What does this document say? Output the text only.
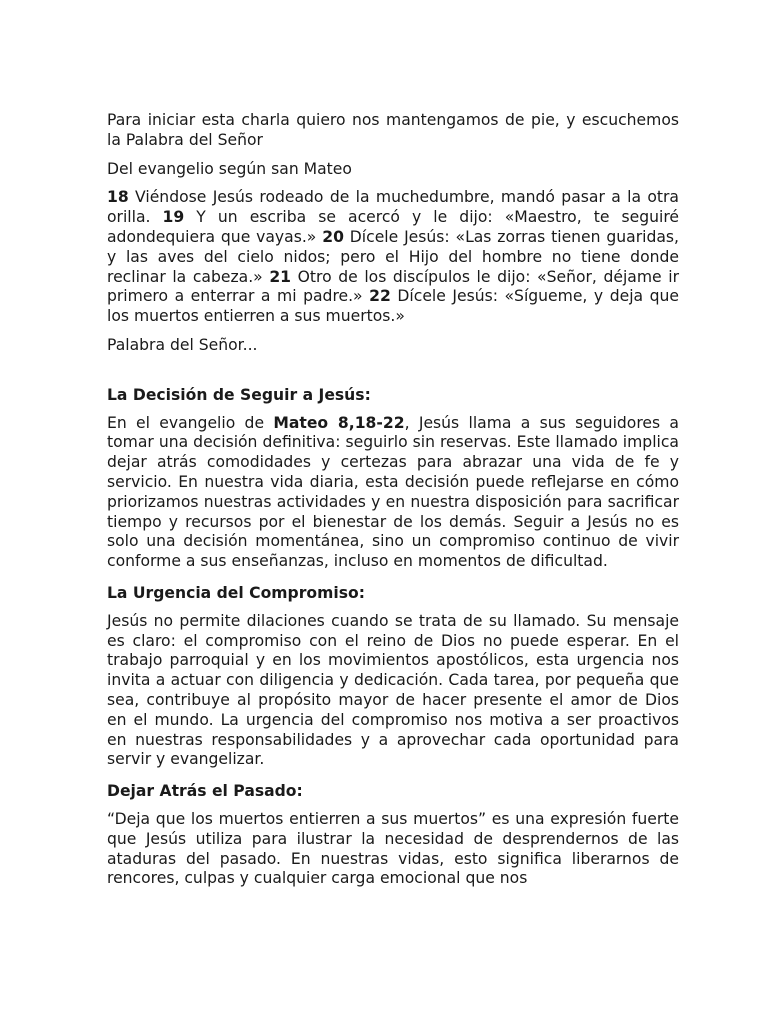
Para iniciar esta charla quiero nos mantengamos de pie, y escuchemos la Palabra del Señor

Del evangelio según san Mateo

18 Viéndose Jesús rodeado de la muchedumbre, mandó pasar a la otra orilla. 19 Y un escriba se acercó y le dijo: «Maestro, te seguiré adondequiera que vayas.» 20 Dícele Jesús: «Las zorras tienen guaridas, y las aves del cielo nidos; pero el Hijo del hombre no tiene donde reclinar la cabeza.» 21 Otro de los discípulos le dijo: «Señor, déjame ir primero a enterrar a mi padre.» 22 Dícele Jesús: «Sígueme, y deja que los muertos entierren a sus muertos.»

Palabra del Señor...

La Decisión de Seguir a Jesús:

En el evangelio de Mateo 8,18-22, Jesús llama a sus seguidores a tomar una decisión definitiva: seguirlo sin reservas. Este llamado implica dejar atrás comodidades y certezas para abrazar una vida de fe y servicio. En nuestra vida diaria, esta decisión puede reflejarse en cómo priorizamos nuestras actividades y en nuestra disposición para sacrificar tiempo y recursos por el bienestar de los demás. Seguir a Jesús no es solo una decisión momentánea, sino un compromiso continuo de vivir conforme a sus enseñanzas, incluso en momentos de dificultad.

La Urgencia del Compromiso:

Jesús no permite dilaciones cuando se trata de su llamado. Su mensaje es claro: el compromiso con el reino de Dios no puede esperar. En el trabajo parroquial y en los movimientos apostólicos, esta urgencia nos invita a actuar con diligencia y dedicación. Cada tarea, por pequeña que sea, contribuye al propósito mayor de hacer presente el amor de Dios en el mundo. La urgencia del compromiso nos motiva a ser proactivos en nuestras responsabilidades y a aprovechar cada oportunidad para servir y evangelizar.

Dejar Atrás el Pasado:

“Deja que los muertos entierren a sus muertos” es una expresión fuerte que Jesús utiliza para ilustrar la necesidad de desprendernos de las ataduras del pasado. En nuestras vidas, esto significa liberarnos de rencores, culpas y cualquier carga emocional que nos
